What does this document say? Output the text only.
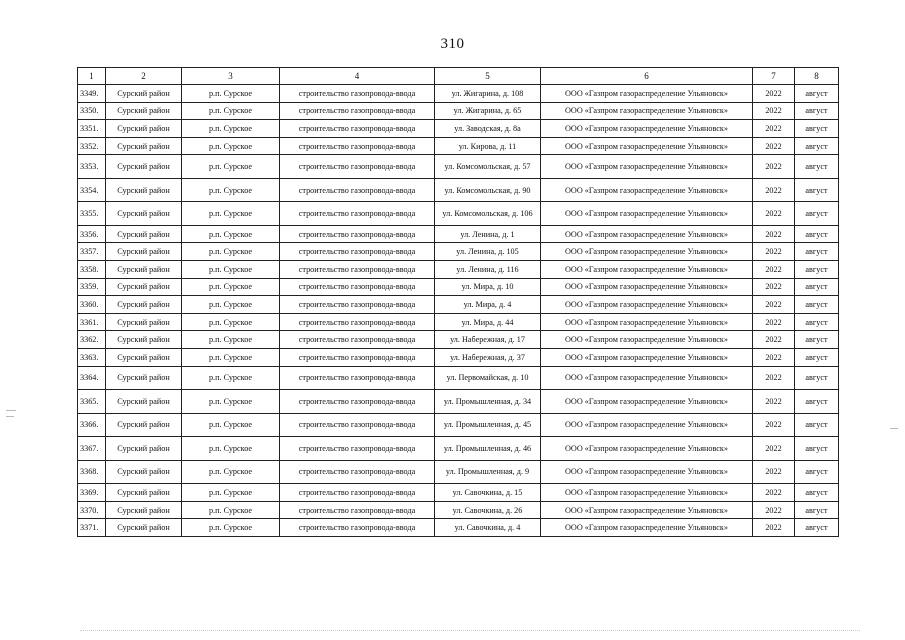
310
1	2	3	4	5	6	7	8
3349.	Сурский район	р.п. Сурское	строительство газопровода-ввода	ул. Жигарина, д. 108	ООО «Газпром газораспределение Ульяновск»	2022	август
3350.	Сурский район	р.п. Сурское	строительство газопровода-ввода	ул. Жигарина, д. 65	ООО «Газпром газораспределение Ульяновск»	2022	август
3351.	Сурский район	р.п. Сурское	строительство газопровода-ввода	ул. Заводская, д. 8а	ООО «Газпром газораспределение Ульяновск»	2022	август
3352.	Сурский район	р.п. Сурское	строительство газопровода-ввода	ул. Кирова, д. 11	ООО «Газпром газораспределение Ульяновск»	2022	август
3353.	Сурский район	р.п. Сурское	строительство газопровода-ввода	ул. Комсомольская, д. 57	ООО «Газпром газораспределение Ульяновск»	2022	август
3354.	Сурский район	р.п. Сурское	строительство газопровода-ввода	ул. Комсомольская, д. 90	ООО «Газпром газораспределение Ульяновск»	2022	август
3355.	Сурский район	р.п. Сурское	строительство газопровода-ввода	ул. Комсомольская, д. 106	ООО «Газпром газораспределение Ульяновск»	2022	август
3356.	Сурский район	р.п. Сурское	строительство газопровода-ввода	ул. Ленина, д. 1	ООО «Газпром газораспределение Ульяновск»	2022	август
3357.	Сурский район	р.п. Сурское	строительство газопровода-ввода	ул. Ленина, д. 105	ООО «Газпром газораспределение Ульяновск»	2022	август
3358.	Сурский район	р.п. Сурское	строительство газопровода-ввода	ул. Ленина, д. 116	ООО «Газпром газораспределение Ульяновск»	2022	август
3359.	Сурский район	р.п. Сурское	строительство газопровода-ввода	ул. Мира, д. 10	ООО «Газпром газораспределение Ульяновск»	2022	август
3360.	Сурский район	р.п. Сурское	строительство газопровода-ввода	ул. Мира, д. 4	ООО «Газпром газораспределение Ульяновск»	2022	август
3361.	Сурский район	р.п. Сурское	строительство газопровода-ввода	ул. Мира, д. 44	ООО «Газпром газораспределение Ульяновск»	2022	август
3362.	Сурский район	р.п. Сурское	строительство газопровода-ввода	ул. Набережная, д. 17	ООО «Газпром газораспределение Ульяновск»	2022	август
3363.	Сурский район	р.п. Сурское	строительство газопровода-ввода	ул. Набережная, д. 37	ООО «Газпром газораспределение Ульяновск»	2022	август
3364.	Сурский район	р.п. Сурское	строительство газопровода-ввода	ул. Первомайская, д. 10	ООО «Газпром газораспределение Ульяновск»	2022	август
3365.	Сурский район	р.п. Сурское	строительство газопровода-ввода	ул. Промышленная, д. 34	ООО «Газпром газораспределение Ульяновск»	2022	август
3366.	Сурский район	р.п. Сурское	строительство газопровода-ввода	ул. Промышленная, д. 45	ООО «Газпром газораспределение Ульяновск»	2022	август
3367.	Сурский район	р.п. Сурское	строительство газопровода-ввода	ул. Промышленная, д. 46	ООО «Газпром газораспределение Ульяновск»	2022	август
3368.	Сурский район	р.п. Сурское	строительство газопровода-ввода	ул. Промышленная, д. 9	ООО «Газпром газораспределение Ульяновск»	2022	август
3369.	Сурский район	р.п. Сурское	строительство газопровода-ввода	ул. Савочкина, д. 15	ООО «Газпром газораспределение Ульяновск»	2022	август
3370.	Сурский район	р.п. Сурское	строительство газопровода-ввода	ул. Савочкина, д. 26	ООО «Газпром газораспределение Ульяновск»	2022	август
3371.	Сурский район	р.п. Сурское	строительство газопровода-ввода	ул. Савочкина, д. 4	ООО «Газпром газораспределение Ульяновск»	2022	август
